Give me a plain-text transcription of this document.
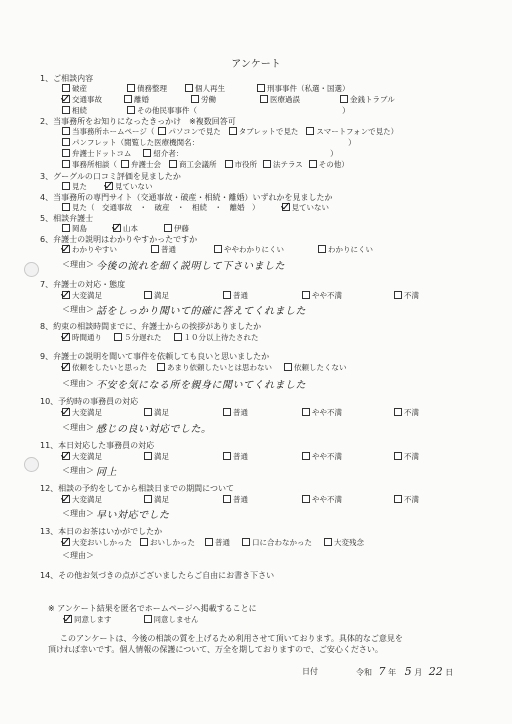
アンケート
1、ご相談内容
破産	債務整理	個人再生	刑事事件（私選・国選）
交通事故	離婚	労働	医療過誤	金銭トラブル
相続	その他民事事件（	）
2、当事務所をお知りになったきっかけ　※複数回答可
当事務所ホームページ（ パソコンで見た タブレットで見た スマートフォンで見た）
パンフレット（閲覧した医療機関名：	）
弁護士ドットコム	紹介者：	）
事務所相談（ 弁護士会 商工会議所 市役所 法テラス その他）
3、グーグルの口コミ評価を見ましたか
見た	見ていない
4、当事務所の専門サイト（交通事故・破産・相続・離婚）いずれかを見ましたか
見た（　交通事故　・　破産　・　相続　・　離婚　）	見ていない
5、相談弁護士
岡島	山本	伊藤
6、弁護士の説明はわかりやすかったですか
わかりやすい	普通	ややわかりにくい	わかりにくい
＜理由＞ 今後の流れを細く説明して下さいました
7、弁護士の対応・態度
大変満足	満足	普通	やや不満	不満
＜理由＞ 話をしっかり聞いて的確に答えてくれました
8、約束の相談時間までに、弁護士からの挨拶がありましたか
時間通り	５分遅れた	１０分以上待たされた
9、弁護士の説明を聞いて事件を依頼しても良いと思いましたか
依頼をしたいと思った	あまり依頼したいとは思わない	依頼したくない
＜理由＞ 不安を気になる所を親身に聞いてくれました
10、予約時の事務員の対応
大変満足	満足	普通	やや不満	不満
＜理由＞ 感じの良い対応でした。
11、本日対応した事務員の対応
大変満足	満足	普通	やや不満	不満
＜理由＞ 同上
12、相談の予約をしてから相談日までの期間について
大変満足	満足	普通	やや不満	不満
＜理由＞ 早い対応でした
13、本日のお茶はいかがでしたか
大変おいしかった おいしかった	普通	口に合わなかった	大変残念
＜理由＞
14、その他お気づきの点がございましたらご自由にお書き下さい
※ アンケート結果を匿名でホームページへ掲載することに
同意します	同意しません
このアンケートは、今後の相談の質を上げるため利用させて頂いております。具体的なご意見を
頂ければ幸いです。個人情報の保護について、万全を期しておりますので、ご安心ください。
日付	令和 7 年 5 月 22 日
